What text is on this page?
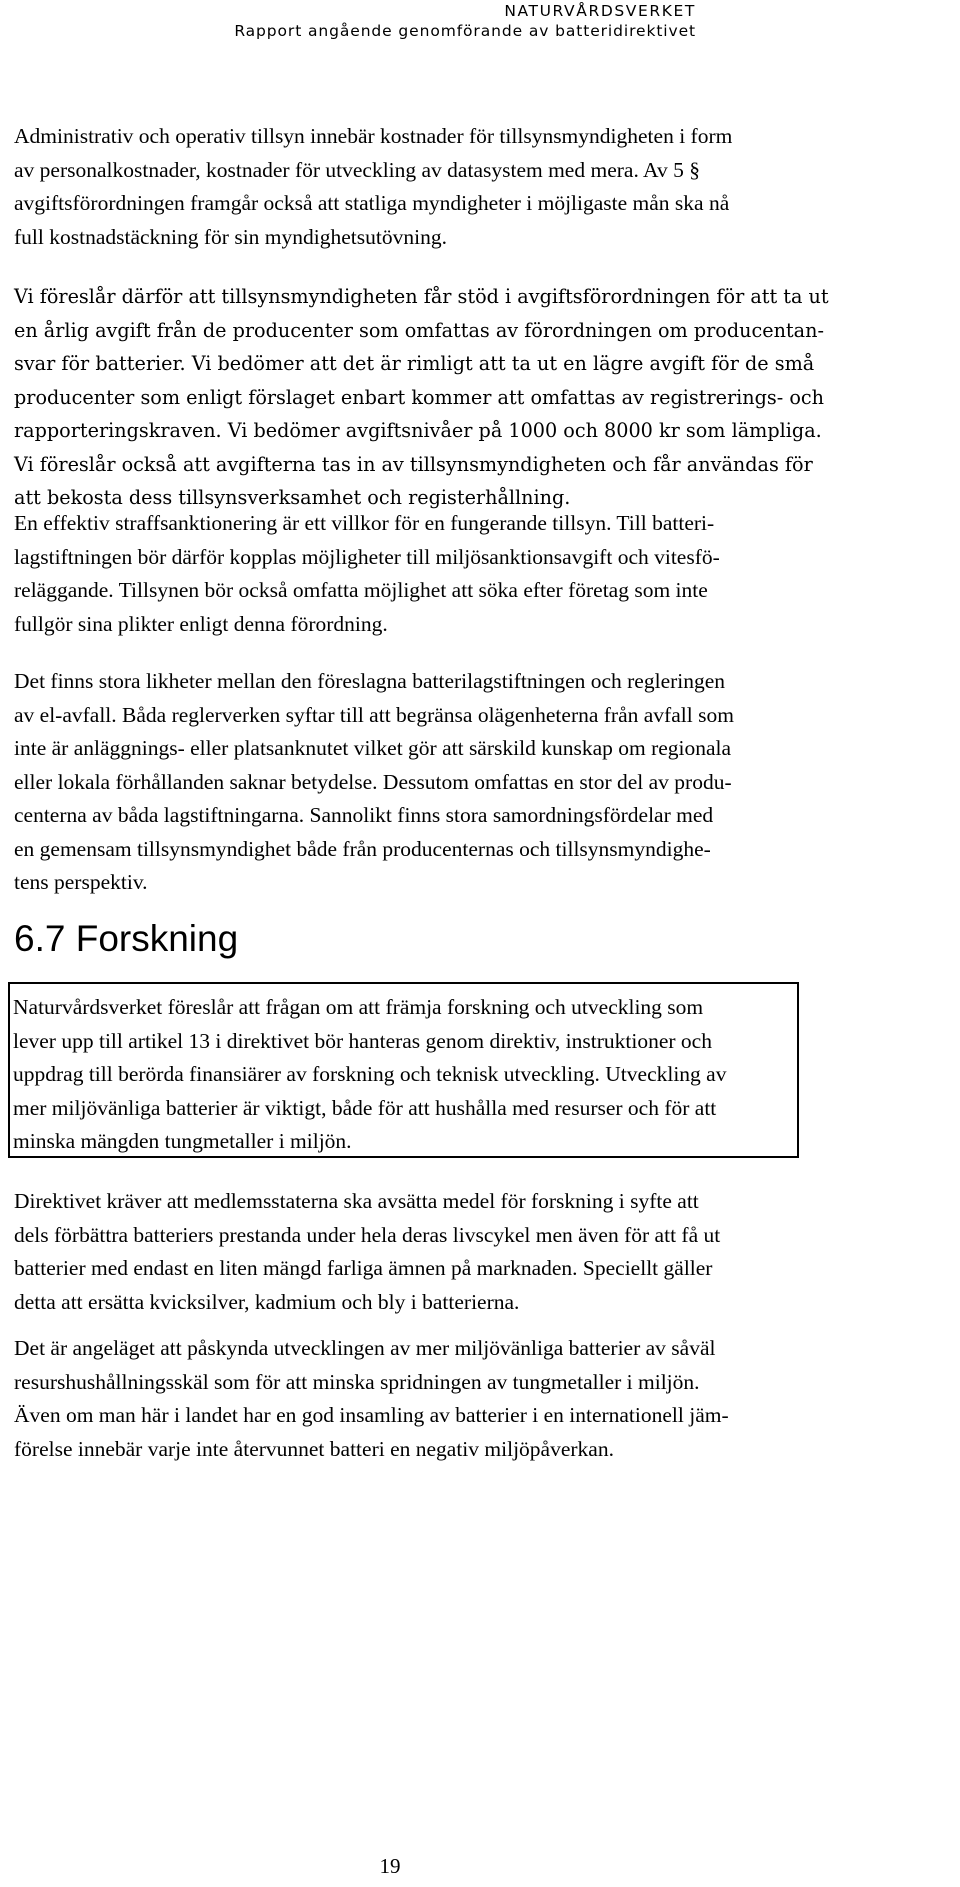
NATURVÅRDSVERKET
Rapport angående genomförande av batteridirektivet
Administrativ och operativ tillsyn innebär kostnader för tillsynsmyndigheten i form
av personalkostnader, kostnader för utveckling av datasystem med mera. Av 5 §
avgiftsförordningen framgår också att statliga myndigheter i möjligaste mån ska nå
full kostnadstäckning för sin myndighetsutövning.
Vi föreslår därför att tillsynsmyndigheten får stöd i avgiftsförordningen för att ta ut
en årlig avgift från de producenter som omfattas av förordningen om producentan-
svar för batterier. Vi bedömer att det är rimligt att ta ut en lägre avgift för de små
producenter som enligt förslaget enbart kommer att omfattas av registrerings- och
rapporteringskraven. Vi bedömer avgiftsnivåer på 1000 och 8000 kr som lämpliga.
Vi föreslår också att avgifterna tas in av tillsynsmyndigheten och får användas för
att bekosta dess tillsynsverksamhet och registerhållning.
En effektiv straffsanktionering är ett villkor för en fungerande tillsyn. Till batteri-
lagstiftningen bör därför kopplas möjligheter till miljösanktionsavgift och vitesfö-
reläggande. Tillsynen bör också omfatta möjlighet att söka efter företag som inte
fullgör sina plikter enligt denna förordning.
Det finns stora likheter mellan den föreslagna batterilagstiftningen och regleringen
av el-avfall. Båda reglerverken syftar till att begränsa olägenheterna från avfall som
inte är anläggnings- eller platsanknutet vilket gör att särskild kunskap om regionala
eller lokala förhållanden saknar betydelse. Dessutom omfattas en stor del av produ-
centerna av båda lagstiftningarna. Sannolikt finns stora samordningsfördelar med
en gemensam tillsynsmyndighet både från producenternas och tillsynsmyndighe-
tens perspektiv.
6.7 Forskning
Naturvårdsverket föreslår att frågan om att främja forskning och utveckling som
lever upp till artikel 13 i direktivet bör hanteras genom direktiv, instruktioner och
uppdrag till berörda finansiärer av forskning och teknisk utveckling. Utveckling av
mer miljövänliga batterier är viktigt, både för att hushålla med resurser och för att
minska mängden tungmetaller i miljön.
Direktivet kräver att medlemsstaterna ska avsätta medel för forskning i syfte att
dels förbättra batteriers prestanda under hela deras livscykel men även för att få ut
batterier med endast en liten mängd farliga ämnen på marknaden. Speciellt gäller
detta att ersätta kvicksilver, kadmium och bly i batterierna.
Det är angeläget att påskynda utvecklingen av mer miljövänliga batterier av såväl
resurshushållningsskäl som för att minska spridningen av tungmetaller i miljön.
Även om man här i landet har en god insamling av batterier i en internationell jäm-
förelse innebär varje inte återvunnet batteri en negativ miljöpåverkan.
19
